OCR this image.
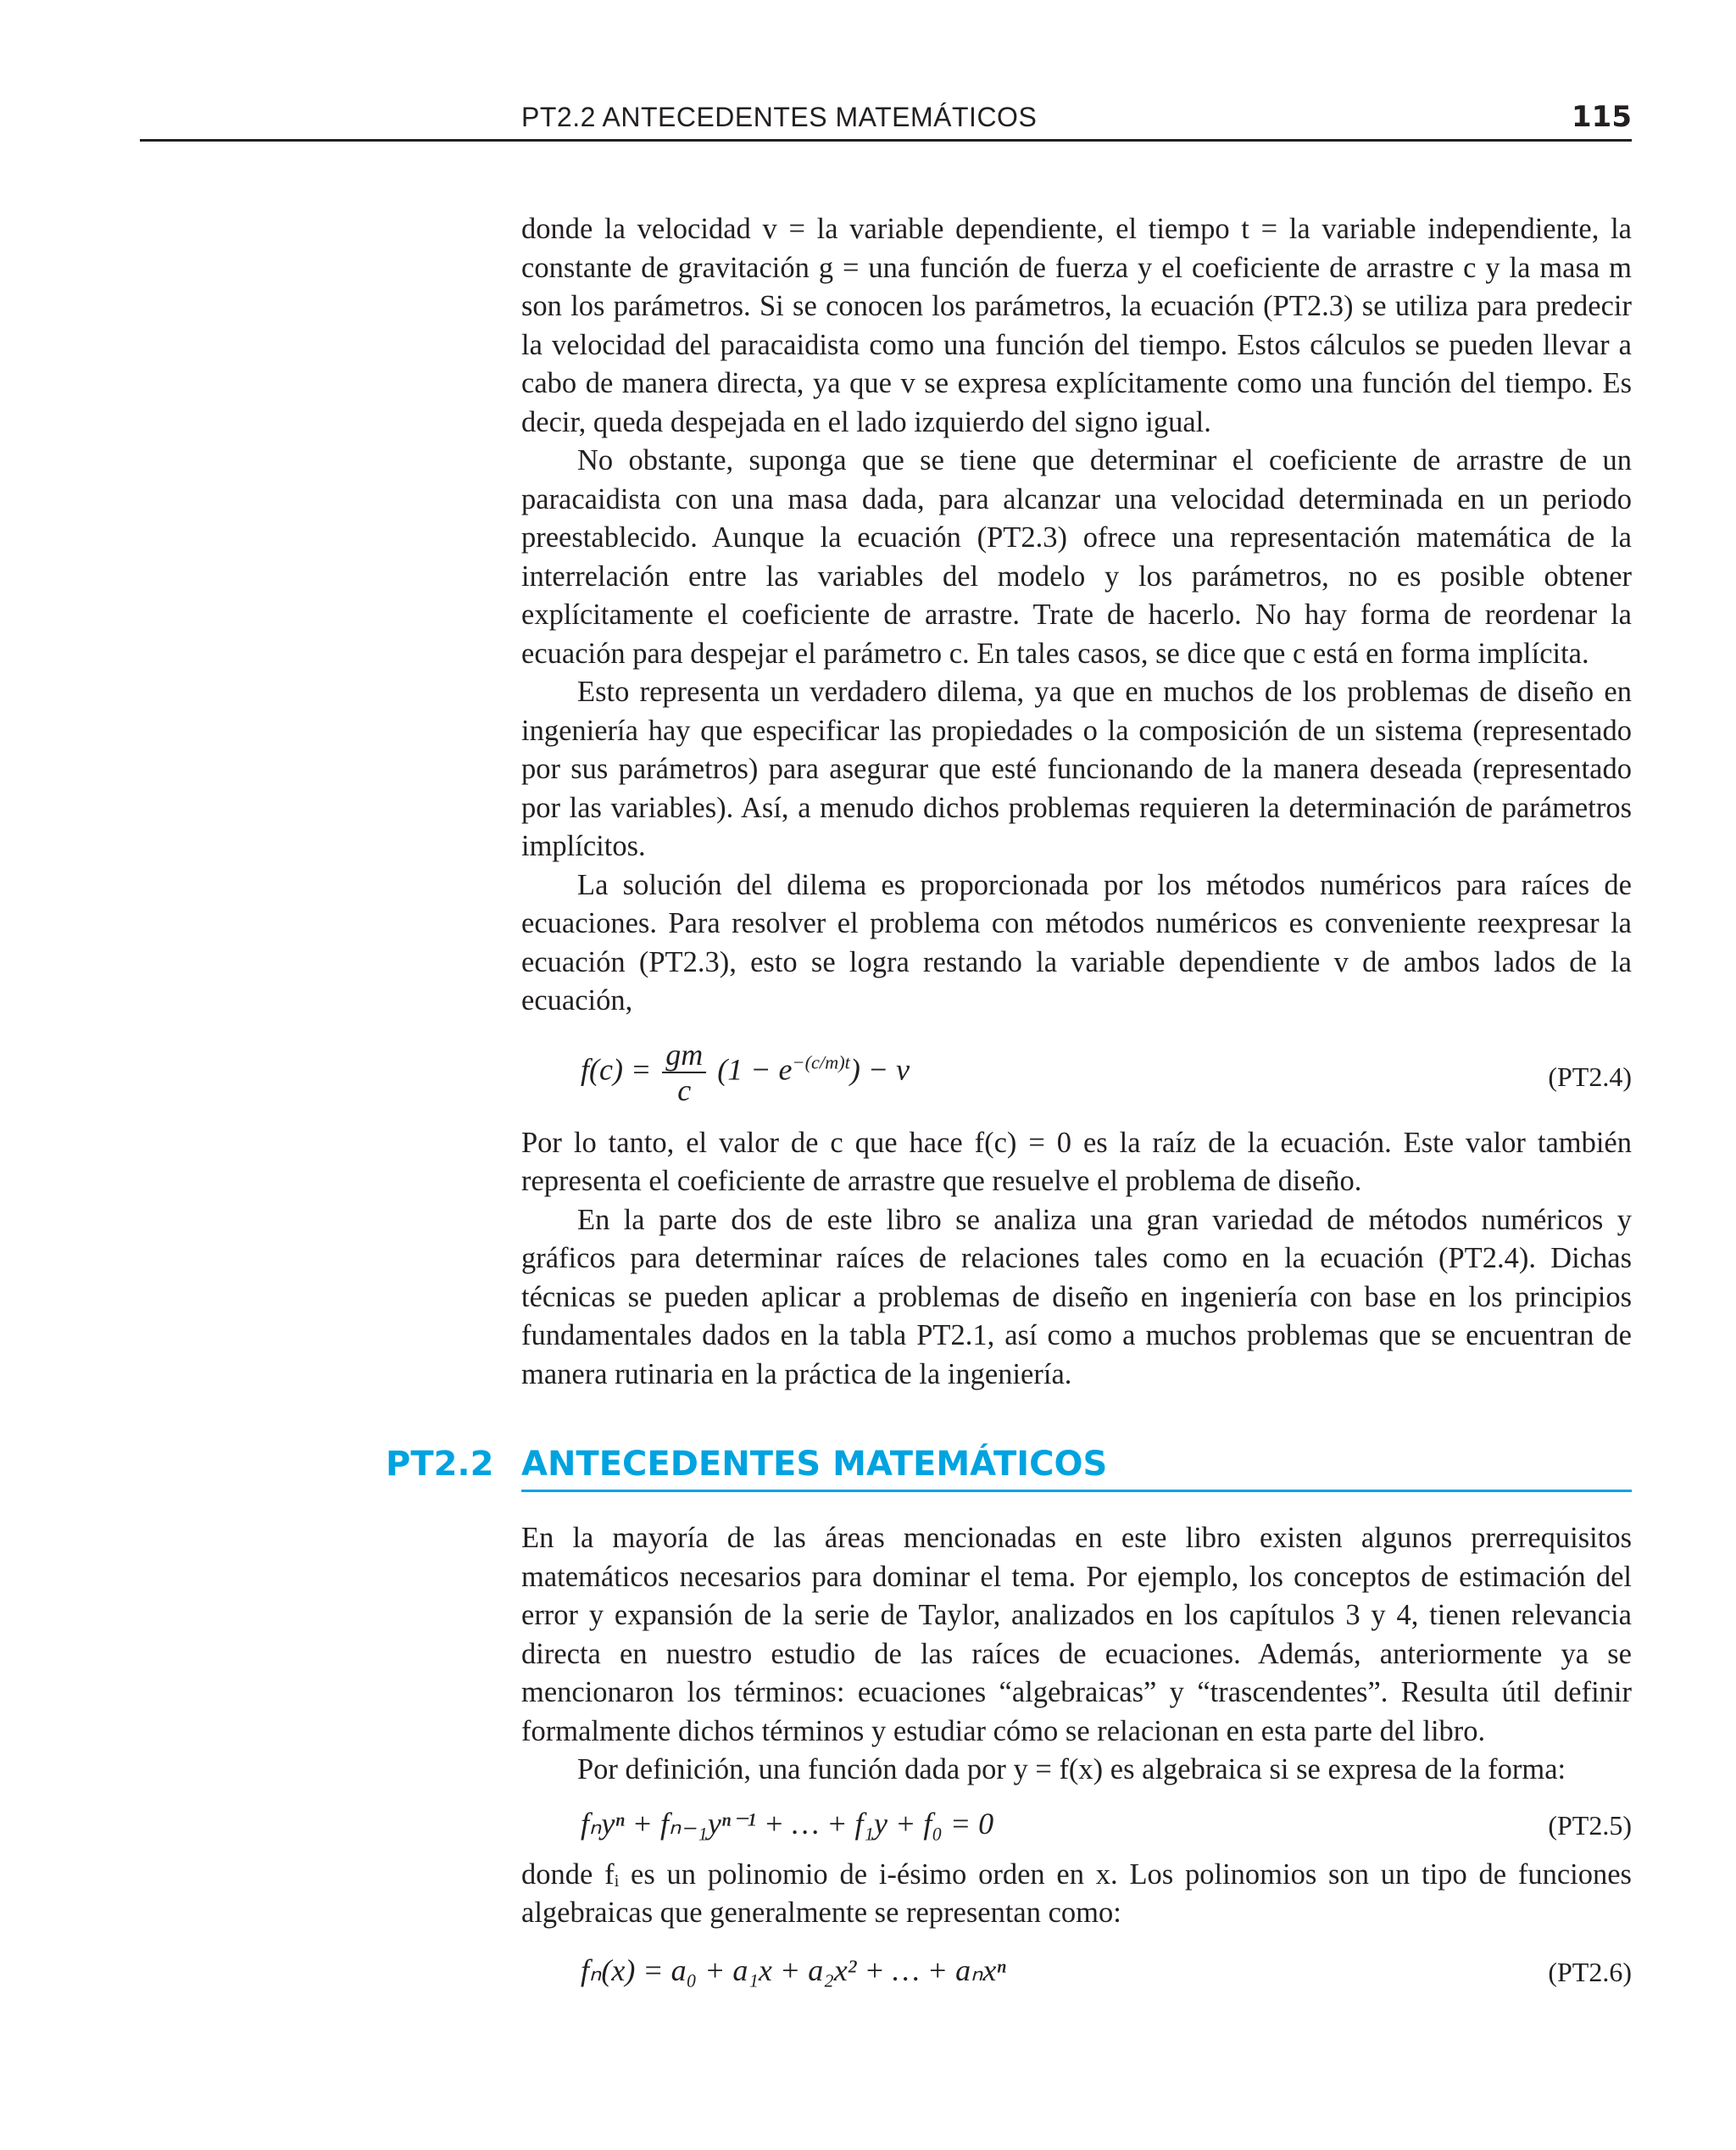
PT2.2 ANTECEDENTES MATEMÁTICOS	115

donde la velocidad v = la variable dependiente, el tiempo t = la variable independiente, la constante de gravitación g = una función de fuerza y el coeficiente de arrastre c y la masa m son los parámetros. Si se conocen los parámetros, la ecuación (PT2.3) se utiliza para predecir la velocidad del paracaidista como una función del tiempo. Estos cálculos se pueden llevar a cabo de manera directa, ya que v se expresa explícitamente como una función del tiempo. Es decir, queda despejada en el lado izquierdo del signo igual.

No obstante, suponga que se tiene que determinar el coeficiente de arrastre de un paracaidista con una masa dada, para alcanzar una velocidad determinada en un periodo preestablecido. Aunque la ecuación (PT2.3) ofrece una representación matemática de la interrelación entre las variables del modelo y los parámetros, no es posible obtener explícitamente el coeficiente de arrastre. Trate de hacerlo. No hay forma de reordenar la ecuación para despejar el parámetro c. En tales casos, se dice que c está en forma implícita.

Esto representa un verdadero dilema, ya que en muchos de los problemas de diseño en ingeniería hay que especificar las propiedades o la composición de un sistema (representado por sus parámetros) para asegurar que esté funcionando de la manera deseada (representado por las variables). Así, a menudo dichos problemas requieren la determinación de parámetros implícitos.

La solución del dilema es proporcionada por los métodos numéricos para raíces de ecuaciones. Para resolver el problema con métodos numéricos es conveniente reexpresar la ecuación (PT2.3), esto se logra restando la variable dependiente v de ambos lados de la ecuación,

$f(c) = \frac{gm}{c} (1 - e^{-(c/m)t}) - v$	(PT2.4)

Por lo tanto, el valor de c que hace f(c) = 0 es la raíz de la ecuación. Este valor también representa el coeficiente de arrastre que resuelve el problema de diseño.

En la parte dos de este libro se analiza una gran variedad de métodos numéricos y gráficos para determinar raíces de relaciones tales como en la ecuación (PT2.4). Dichas técnicas se pueden aplicar a problemas de diseño en ingeniería con base en los principios fundamentales dados en la tabla PT2.1, así como a muchos problemas que se encuentran de manera rutinaria en la práctica de la ingeniería.

PT2.2 ANTECEDENTES MATEMÁTICOS

En la mayoría de las áreas mencionadas en este libro existen algunos prerrequisitos matemáticos necesarios para dominar el tema. Por ejemplo, los conceptos de estimación del error y expansión de la serie de Taylor, analizados en los capítulos 3 y 4, tienen relevancia directa en nuestro estudio de las raíces de ecuaciones. Además, anteriormente ya se mencionaron los términos: ecuaciones “algebraicas” y “trascendentes”. Resulta útil definir formalmente dichos términos y estudiar cómo se relacionan en esta parte del libro.

Por definición, una función dada por y = f(x) es algebraica si se expresa de la forma:

fₙyⁿ + fₙ₋₁yⁿ⁻¹ + … + f₁y + f₀ = 0	(PT2.5)

donde fᵢ es un polinomio de i-ésimo orden en x. Los polinomios son un tipo de funciones algebraicas que generalmente se representan como:

fₙ(x) = a₀ + a₁x + a₂x² + … + aₙxⁿ	(PT2.6)
